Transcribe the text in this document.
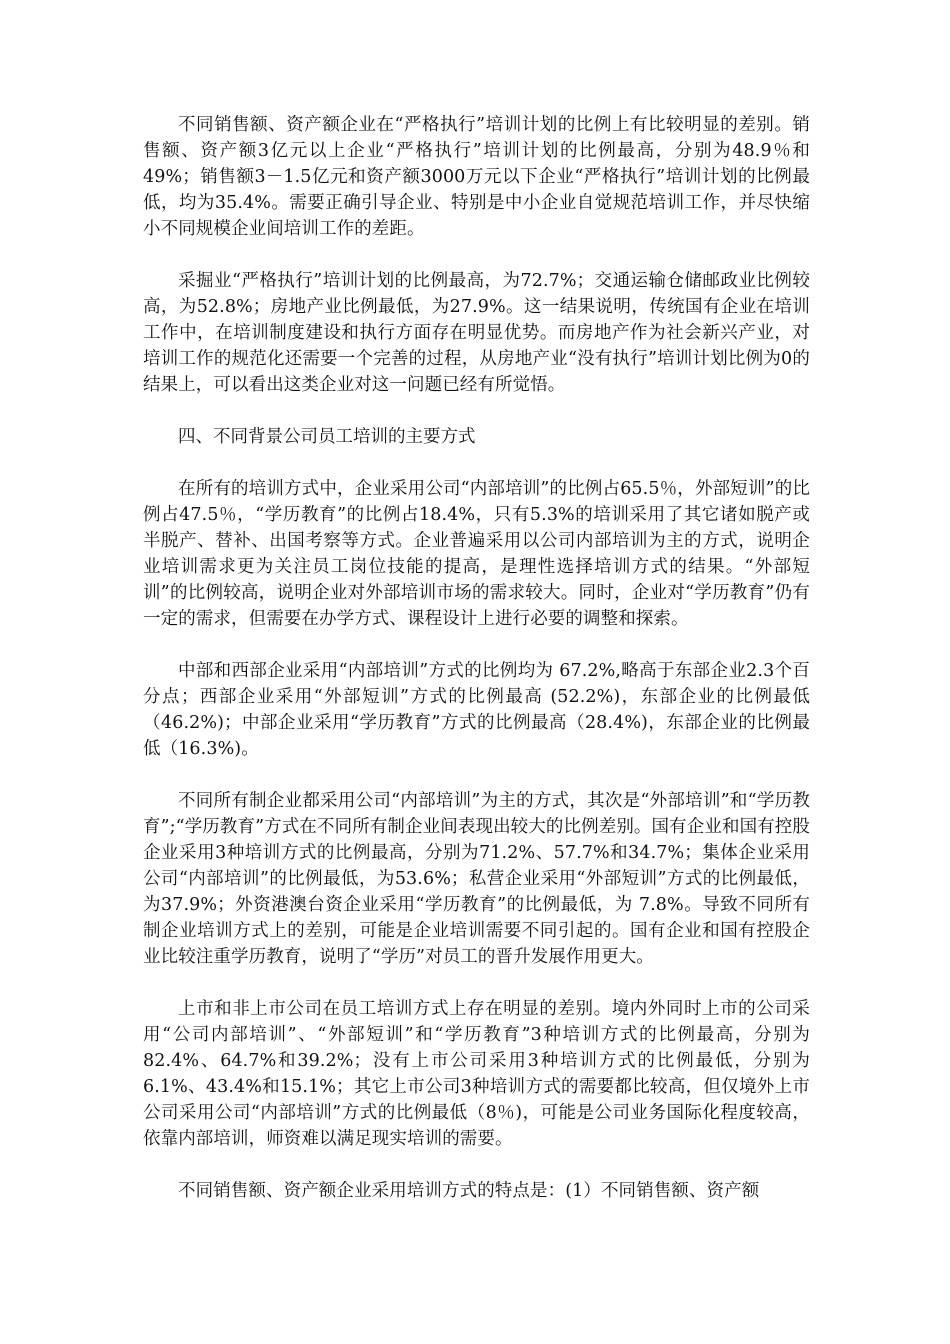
不同销售额、资产额企业在“严格执行”培训计划的比例上有比较明显的差别。销售额、资产额3亿元以上企业“严格执行”培训计划的比例最高，分别为48.9％和49%；销售额3－1.5亿元和资产额3000万元以下企业“严格执行”培训计划的比例最低，均为35.4%。需要正确引导企业、特别是中小企业自觉规范培训工作，并尽快缩小不同规模企业间培训工作的差距。

采掘业“严格执行”培训计划的比例最高，为72.7%；交通运输仓储邮政业比例较高，为52.8%；房地产业比例最低，为27.9%。这一结果说明，传统国有企业在培训工作中，在培训制度建设和执行方面存在明显优势。而房地产作为社会新兴产业，对培训工作的规范化还需要一个完善的过程，从房地产业“没有执行”培训计划比例为0的结果上，可以看出这类企业对这一问题已经有所觉悟。

四、不同背景公司员工培训的主要方式

在所有的培训方式中，企业采用公司“内部培训”的比例占65.5％，外部短训”的比例占47.5％，“学历教育”的比例占18.4%，只有5.3%的培训采用了其它诸如脱产或半脱产、替补、出国考察等方式。企业普遍采用以公司内部培训为主的方式，说明企业培训需求更为关注员工岗位技能的提高，是理性选择培训方式的结果。“外部短训”的比例较高，说明企业对外部培训市场的需求较大。同时，企业对“学历教育”仍有一定的需求，但需要在办学方式、课程设计上进行必要的调整和探索。

中部和西部企业采用“内部培训”方式的比例均为 67.2%,略高于东部企业2.3个百分点；西部企业采用“外部短训”方式的比例最高 (52.2%)，东部企业的比例最低（46.2%)；中部企业采用“学历教育”方式的比例最高（28.4%)，东部企业的比例最低（16.3%)。

不同所有制企业都采用公司“内部培训”为主的方式，其次是“外部培训”和“学历教育”;“学历教育”方式在不同所有制企业间表现出较大的比例差别。国有企业和国有控股企业采用3种培训方式的比例最高，分别为71.2%、57.7%和34.7%；集体企业采用公司“内部培训”的比例最低，为53.6%；私营企业采用“外部短训”方式的比例最低，为37.9%；外资港澳台资企业采用“学历教育”的比例最低，为 7.8%。导致不同所有制企业培训方式上的差别，可能是企业培训需要不同引起的。国有企业和国有控股企业比较注重学历教育，说明了“学历”对员工的晋升发展作用更大。

上市和非上市公司在员工培训方式上存在明显的差别。境内外同时上市的公司采用“公司内部培训”、“外部短训”和“学历教育”3种培训方式的比例最高，分别为82.4%、64.7%和39.2%；没有上市公司采用3种培训方式的比例最低，分别为6.1%、43.4%和15.1%；其它上市公司3种培训方式的需要都比较高，但仅境外上市公司采用公司“内部培训”方式的比例最低（8％)，可能是公司业务国际化程度较高，依靠内部培训，师资难以满足现实培训的需要。

不同销售额、资产额企业采用培训方式的特点是：(1）不同销售额、资产额
